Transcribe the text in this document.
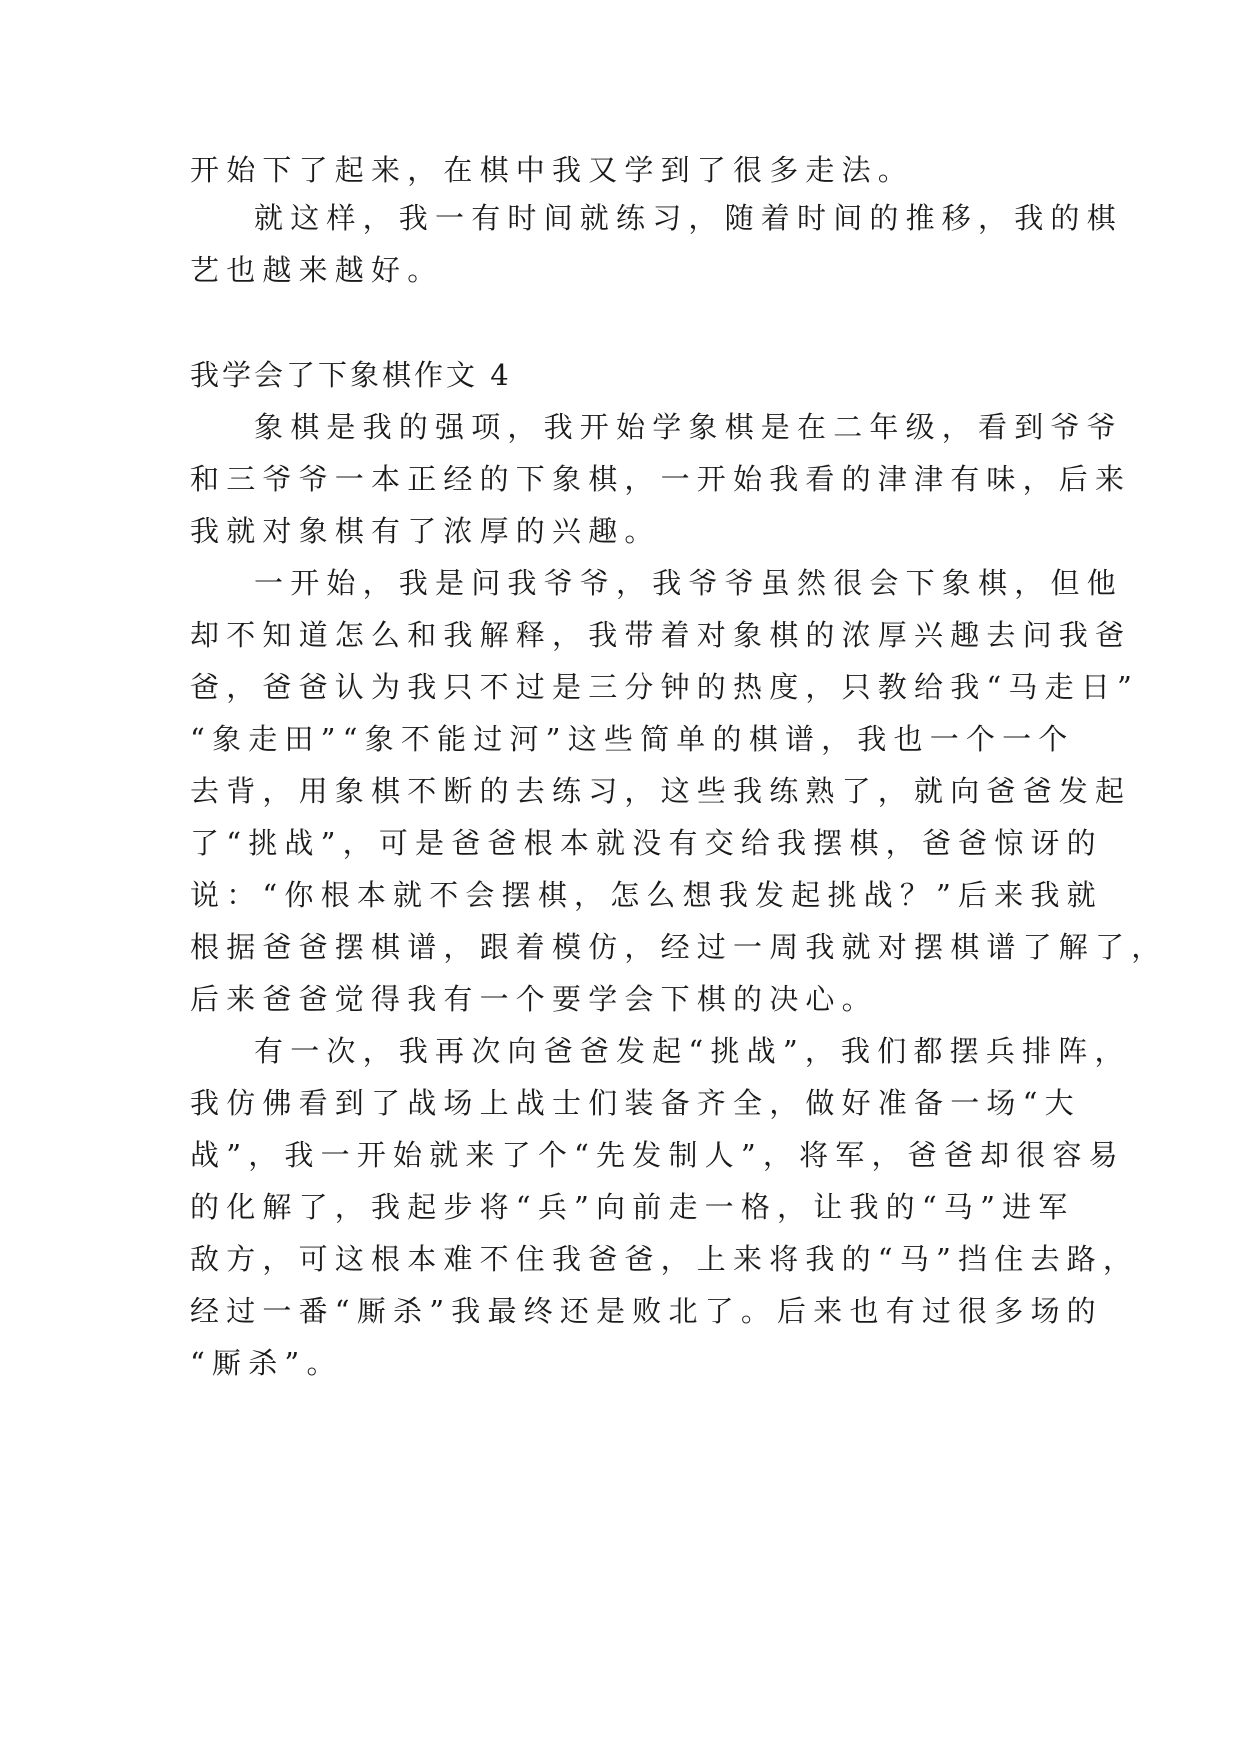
开始下了起来，在棋中我又学到了很多走法。
就这样，我一有时间就练习，随着时间的推移，我的棋
艺也越来越好。
我学会了下象棋作文 4
象棋是我的强项，我开始学象棋是在二年级，看到爷爷
和三爷爷一本正经的下象棋，一开始我看的津津有味，后来
我就对象棋有了浓厚的兴趣。
一开始，我是问我爷爷，我爷爷虽然很会下象棋，但他
却不知道怎么和我解释，我带着对象棋的浓厚兴趣去问我爸
爸，爸爸认为我只不过是三分钟的热度，只教给我“马走日”
“象走田”“象不能过河”这些简单的棋谱，我也一个一个
去背，用象棋不断的去练习，这些我练熟了，就向爸爸发起
了“挑战”，可是爸爸根本就没有交给我摆棋，爸爸惊讶的
说：“你根本就不会摆棋，怎么想我发起挑战？”后来我就
根据爸爸摆棋谱，跟着模仿，经过一周我就对摆棋谱了解了，
后来爸爸觉得我有一个要学会下棋的决心。
有一次，我再次向爸爸发起“挑战”，我们都摆兵排阵，
我仿佛看到了战场上战士们装备齐全，做好准备一场“大
战”，我一开始就来了个“先发制人”，将军，爸爸却很容易
的化解了，我起步将“兵”向前走一格，让我的“马”进军
敌方，可这根本难不住我爸爸，上来将我的“马”挡住去路，
经过一番“厮杀”我最终还是败北了。后来也有过很多场的
“厮杀”。
